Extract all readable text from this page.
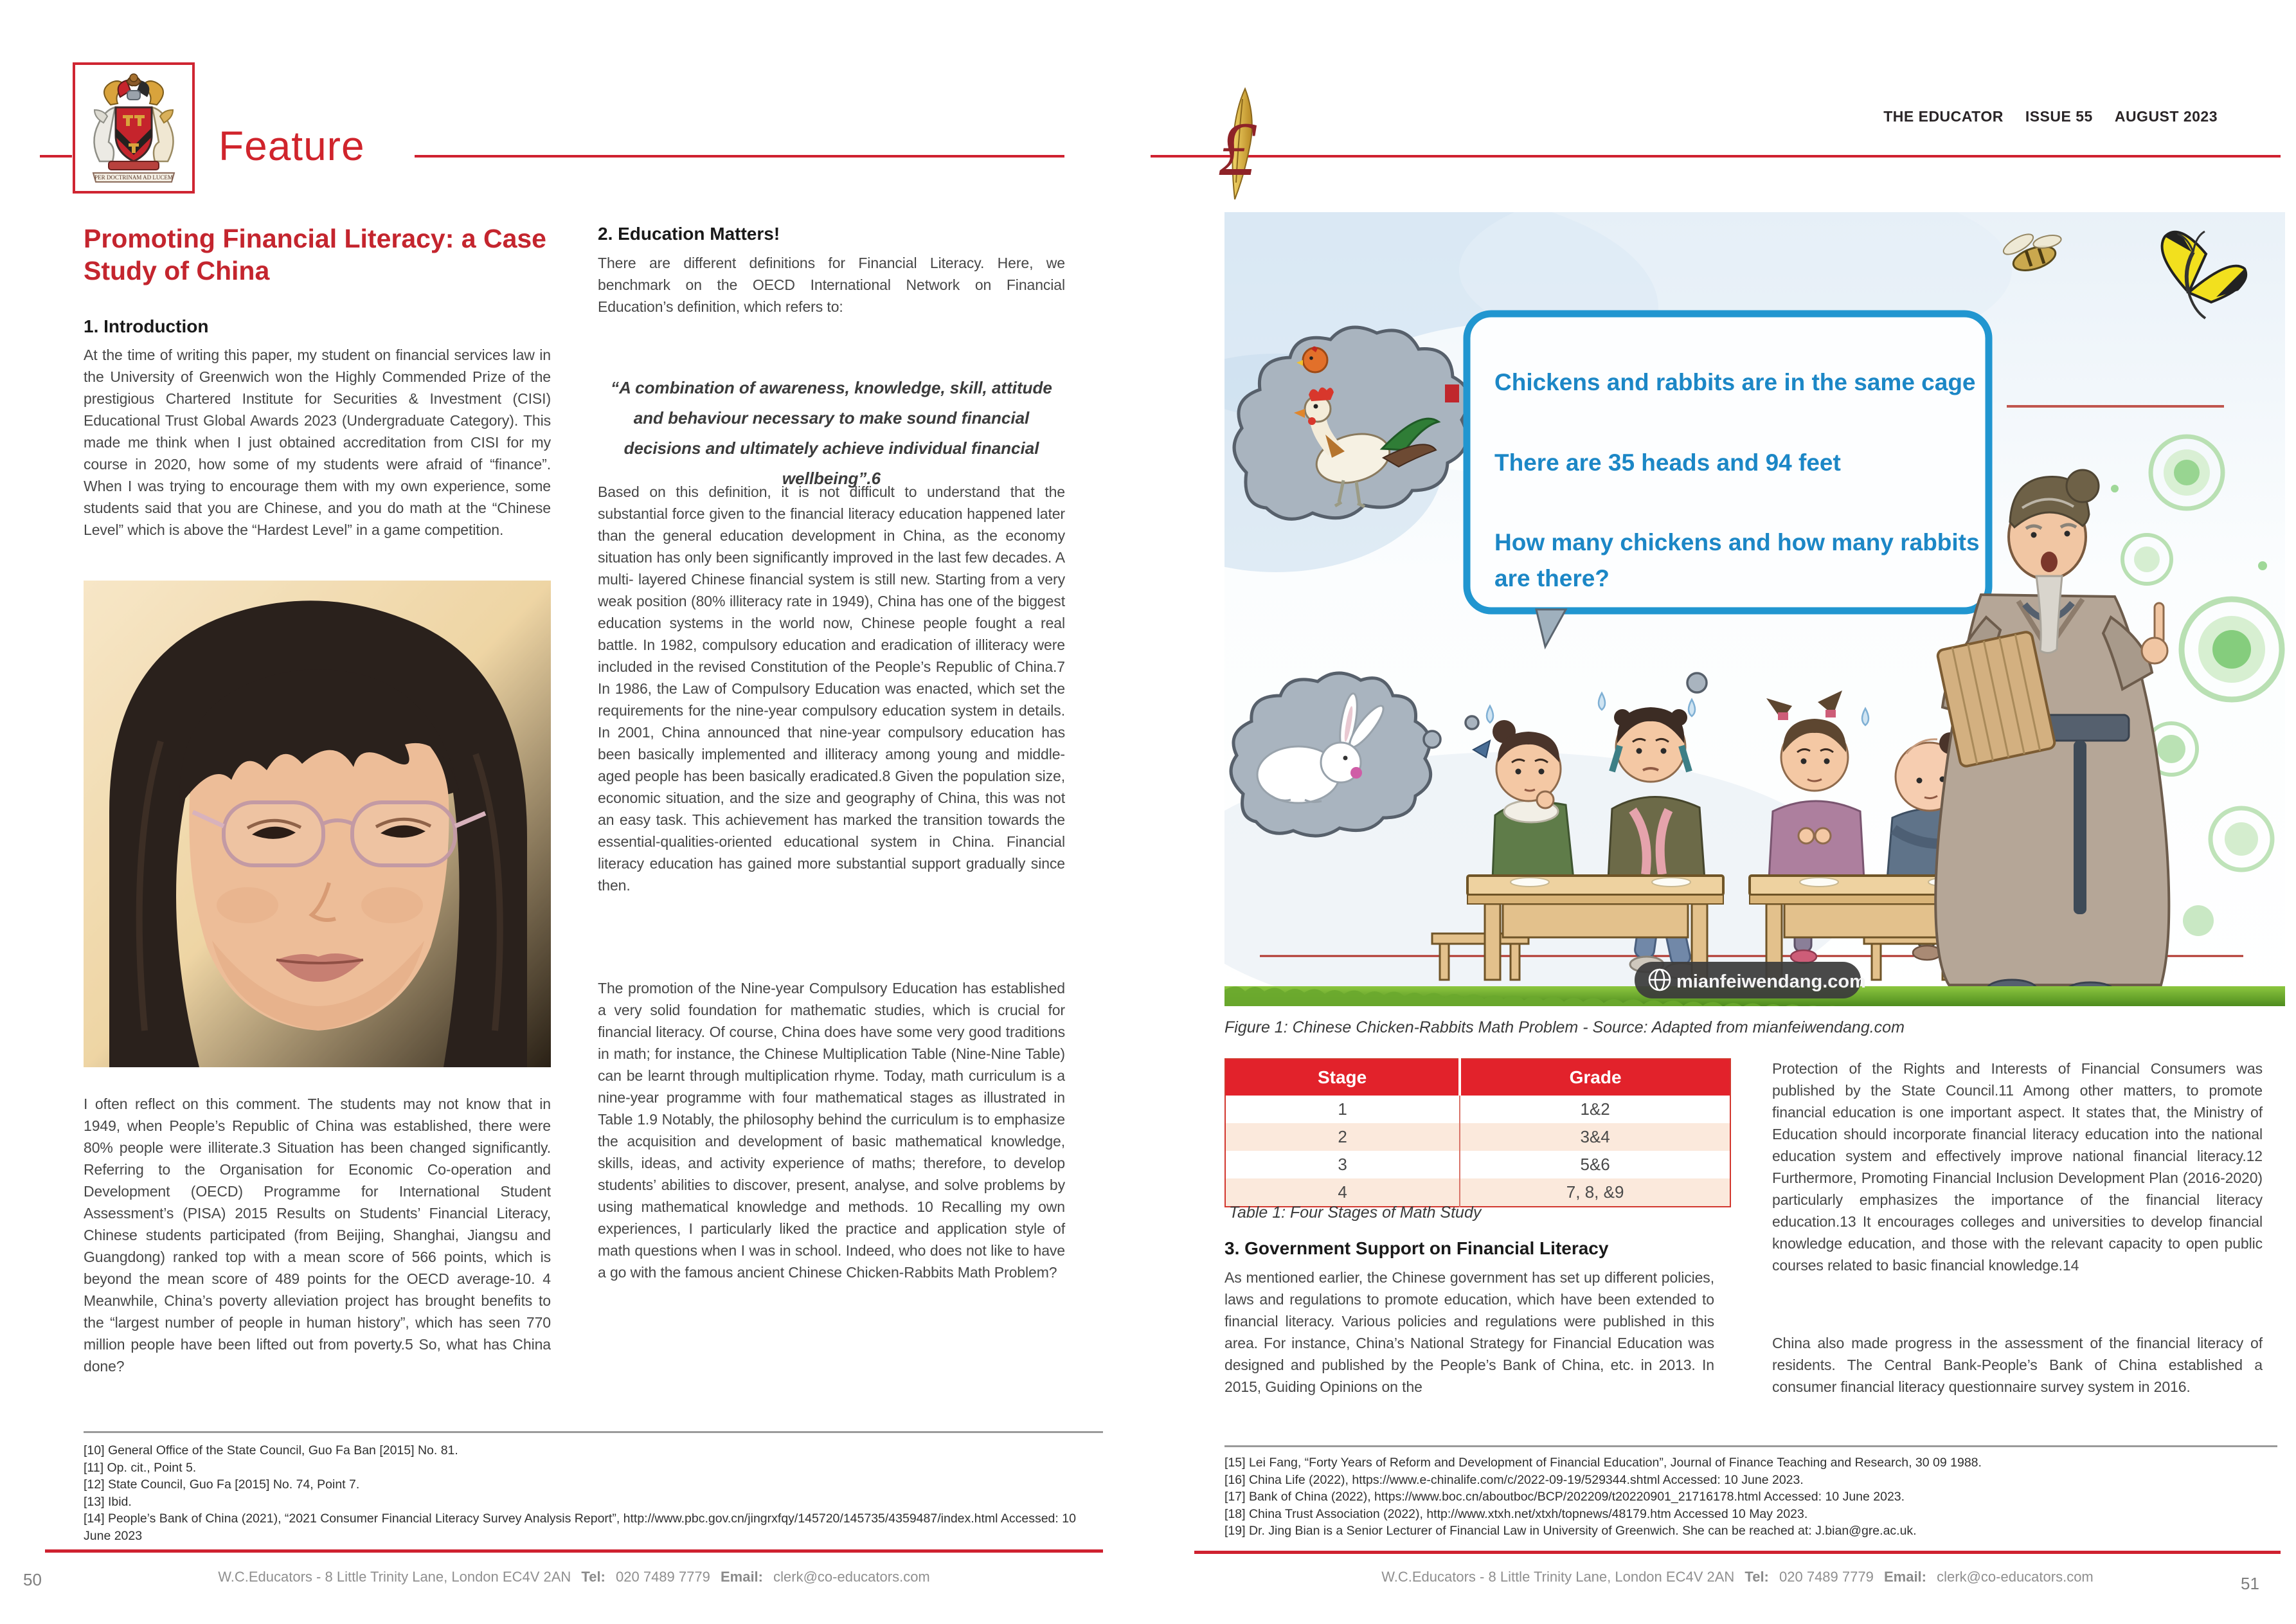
PER DOCTRINAM AD LUCEM
Feature
THE EDUCATOR ISSUE 55 AUGUST 2023
£
Promoting Financial Literacy: a Case Study of China
1. Introduction
At the time of writing this paper, my student on financial services law in the University of Greenwich won the Highly Commended Prize of the prestigious Chartered Institute for Securities & Investment (CISI) Educational Trust Global Awards 2023 (Undergraduate Category). This made me think when I just obtained accreditation from CISI for my course in 2020, how some of my students were afraid of “finance”. When I was trying to encourage them with my own experience, some students said that you are Chinese, and you do math at the “Chinese Level” which is above the “Hardest Level” in a game competition.
I often reflect on this comment. The students may not know that in 1949, when People’s Republic of China was established, there were 80% people were illiterate.3 Situation has been changed significantly. Referring to the Organisation for Economic Co-operation and Development (OECD) Programme for International Student Assessment’s (PISA) 2015 Results on Students’ Financial Literacy, Chinese students participated (from Beijing, Shanghai, Jiangsu and Guangdong) ranked top with a mean score of 566 points, which is beyond the mean score of 489 points for the OECD average-10. 4 Meanwhile, China’s poverty alleviation project has brought benefits to the “largest number of people in human history”, which has seen 770 million people have been lifted out from poverty.5 So, what has China done?
2. Education Matters!
There are different definitions for Financial Literacy. Here, we benchmark on the OECD International Network on Financial Education’s definition, which refers to:
“A combination of awareness, knowledge, skill, attitude and behaviour necessary to make sound financial decisions and ultimately achieve individual financial wellbeing”.6
Based on this definition, it is not difficult to understand that the substantial force given to the financial literacy education happened later than the general education development in China, as the economy situation has only been significantly improved in the last few decades. A multi- layered Chinese financial system is still new. Starting from a very weak position (80% illiteracy rate in 1949), China has one of the biggest education systems in the world now, Chinese people fought a real battle. In 1982, compulsory education and eradication of illiteracy were included in the revised Constitution of the People’s Republic of China.7 In 1986, the Law of Compulsory Education was enacted, which set the requirements for the nine-year compulsory education system in details. In 2001, China announced that nine-year compulsory education has been basically implemented and illiteracy among young and middle-aged people has been basically eradicated.8 Given the population size, economic situation, and the size and geography of China, this was not an easy task. This achievement has marked the transition towards the essential-qualities-oriented educational system in China. Financial literacy education has gained more substantial support gradually since then.
The promotion of the Nine-year Compulsory Education has established a very solid foundation for mathematic studies, which is crucial for financial literacy. Of course, China does have some very good traditions in math; for instance, the Chinese Multiplication Table (Nine-Nine Table) can be learnt through multiplication rhyme. Today, math curriculum is a nine-year programme with four mathematical stages as illustrated in Table 1.9 Notably, the philosophy behind the curriculum is to emphasize the acquisition and development of basic mathematical knowledge, skills, ideas, and activity experience of maths; therefore, to develop students’ abilities to discover, present, analyse, and solve problems by using mathematical knowledge and methods. 10 Recalling my own experiences, I particularly liked the practice and application style of math questions when I was in school. Indeed, who does not like to have a go with the famous ancient Chinese Chicken-Rabbits Math Problem?
[10] General Office of the State Council, Guo Fa Ban [2015] No. 81.
[11] Op. cit., Point 5.
[12] State Council, Guo Fa [2015] No. 74, Point 7.
[13] Ibid.
[14] People’s Bank of China (2021), “2021 Consumer Financial Literacy Survey Analysis Report”, http://www.pbc.gov.cn/jingrxfqy/145720/145735/4359487/index.html Accessed: 10 June 2023
W.C.Educators - 8 Little Trinity Lane, London EC4V 2AN Tel: 020 7489 7779 Email: clerk@co-educators.com
50
Chickens and rabbits are in the same cage
There are 35 heads and 94 feet
How many chickens and how many rabbits
are there?
mianfeiwendang.com
Figure 1: Chinese Chicken-Rabbits Math Problem - Source: Adapted from mianfeiwendang.com
Stage	Grade
1	1&2
2	3&4
3	5&6
4	7, 8, &9
Table 1: Four Stages of Math Study
3. Government Support on Financial Literacy
As mentioned earlier, the Chinese government has set up different policies, laws and regulations to promote education, which have been extended to financial literacy. Various policies and regulations were published in this area. For instance, China’s National Strategy for Financial Education was designed and published by the People’s Bank of China, etc. in 2013. In 2015, Guiding Opinions on the
Protection of the Rights and Interests of Financial Consumers was published by the State Council.11 Among other matters, to promote financial education is one important aspect. It states that, the Ministry of Education should incorporate financial literacy education into the national education system and effectively improve national financial literacy.12 Furthermore, Promoting Financial Inclusion Development Plan (2016-2020) particularly emphasizes the importance of the financial literacy education.13 It encourages colleges and universities to develop financial knowledge education, and those with the relevant capacity to open public courses related to basic financial knowledge.14
China also made progress in the assessment of the financial literacy of residents. The Central Bank-People’s Bank of China established a consumer financial literacy questionnaire survey system in 2016.
[15] Lei Fang, “Forty Years of Reform and Development of Financial Education”, Journal of Finance Teaching and Research, 30 09 1988.
[16] China Life (2022), https://www.e-chinalife.com/c/2022-09-19/529344.shtml Accessed: 10 June 2023.
[17] Bank of China (2022), https://www.boc.cn/aboutboc/BCP/202209/t20220901_21716178.html Accessed: 10 June 2023.
[18] China Trust Association (2022), http://www.xtxh.net/xtxh/topnews/48179.htm Accessed 10 May 2023.
[19] Dr. Jing Bian is a Senior Lecturer of Financial Law in University of Greenwich. She can be reached at: J.bian@gre.ac.uk.
W.C.Educators - 8 Little Trinity Lane, London EC4V 2AN Tel: 020 7489 7779 Email: clerk@co-educators.com	51
